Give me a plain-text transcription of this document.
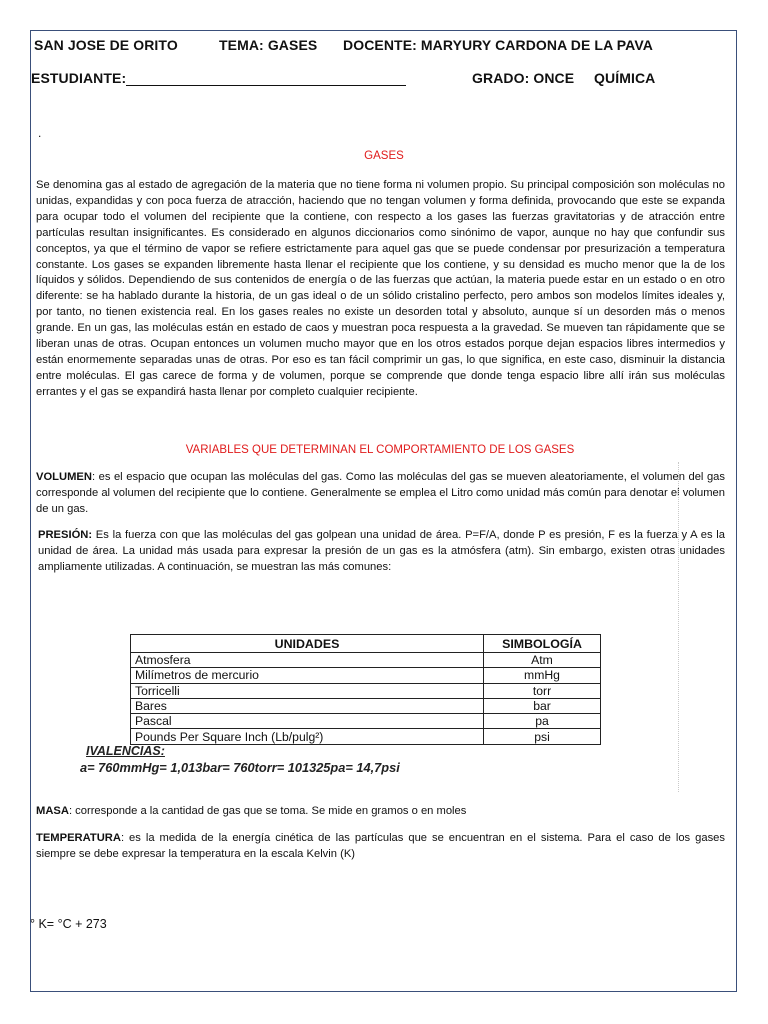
SAN JOSE DE ORITO	TEMA: GASES DOCENTE: MARYURY CARDONA DE LA PAVA
ESTUDIANTE:	GRADO: ONCE QUÍMICA
.
GASES
Se denomina gas al estado de agregación de la materia que no tiene forma ni volumen propio. Su principal composición son moléculas no unidas, expandidas y con poca fuerza de atracción, haciendo que no tengan volumen y forma definida, provocando que este se expanda para ocupar todo el volumen del recipiente que la contiene, con respecto a los gases las fuerzas gravitatorias y de atracción entre partículas resultan insignificantes. Es considerado en algunos diccionarios como sinónimo de vapor, aunque no hay que confundir sus conceptos, ya que el término de vapor se refiere estrictamente para aquel gas que se puede condensar por presurización a temperatura constante. Los gases se expanden libremente hasta llenar el recipiente que los contiene, y su densidad es mucho menor que la de los líquidos y sólidos. Dependiendo de sus contenidos de energía o de las fuerzas que actúan, la materia puede estar en un estado o en otro diferente: se ha hablado durante la historia, de un gas ideal o de un sólido cristalino perfecto, pero ambos son modelos límites ideales y, por tanto, no tienen existencia real. En los gases reales no existe un desorden total y absoluto, aunque sí un desorden más o menos grande. En un gas, las moléculas están en estado de caos y muestran poca respuesta a la gravedad. Se mueven tan rápidamente que se liberan unas de otras. Ocupan entonces un volumen mucho mayor que en los otros estados porque dejan espacios libres intermedios y están enormemente separadas unas de otras. Por eso es tan fácil comprimir un gas, lo que significa, en este caso, disminuir la distancia entre moléculas. El gas carece de forma y de volumen, porque se comprende que donde tenga espacio libre allí irán sus moléculas errantes y el gas se expandirá hasta llenar por completo cualquier recipiente.
VARIABLES QUE DETERMINAN EL COMPORTAMIENTO DE LOS GASES
VOLUMEN: es el espacio que ocupan las moléculas del gas. Como las moléculas del gas se mueven aleatoriamente, el volumen del gas corresponde al volumen del recipiente que lo contiene. Generalmente se emplea el Litro como unidad más común para denotar el volumen de un gas.
PRESIÓN: Es la fuerza con que las moléculas del gas golpean una unidad de área. P=F/A, donde P es presión, F es la fuerza y A es la unidad de área. La unidad más usada para expresar la presión de un gas es la atmósfera (atm). Sin embargo, existen otras unidades ampliamente utilizadas. A continuación, se muestran las más comunes:
UNIDADES	SIMBOLOGÍA
Atmosfera	Atm
Milímetros de mercurio	mmHg
Torricelli	torr
Bares	bar
Pascal	pa
Pounds Per Square Inch (Lb/pulg²)	psi
IVALENCIAS:
a= 760mmHg= 1,013bar= 760torr= 101325pa= 14,7psi
MASA: corresponde a la cantidad de gas que se toma. Se mide en gramos o en moles
TEMPERATURA: es la medida de la energía cinética de las partículas que se encuentran en el sistema. Para el caso de los gases siempre se debe expresar la temperatura en la escala Kelvin (K)
° K= °C + 273
